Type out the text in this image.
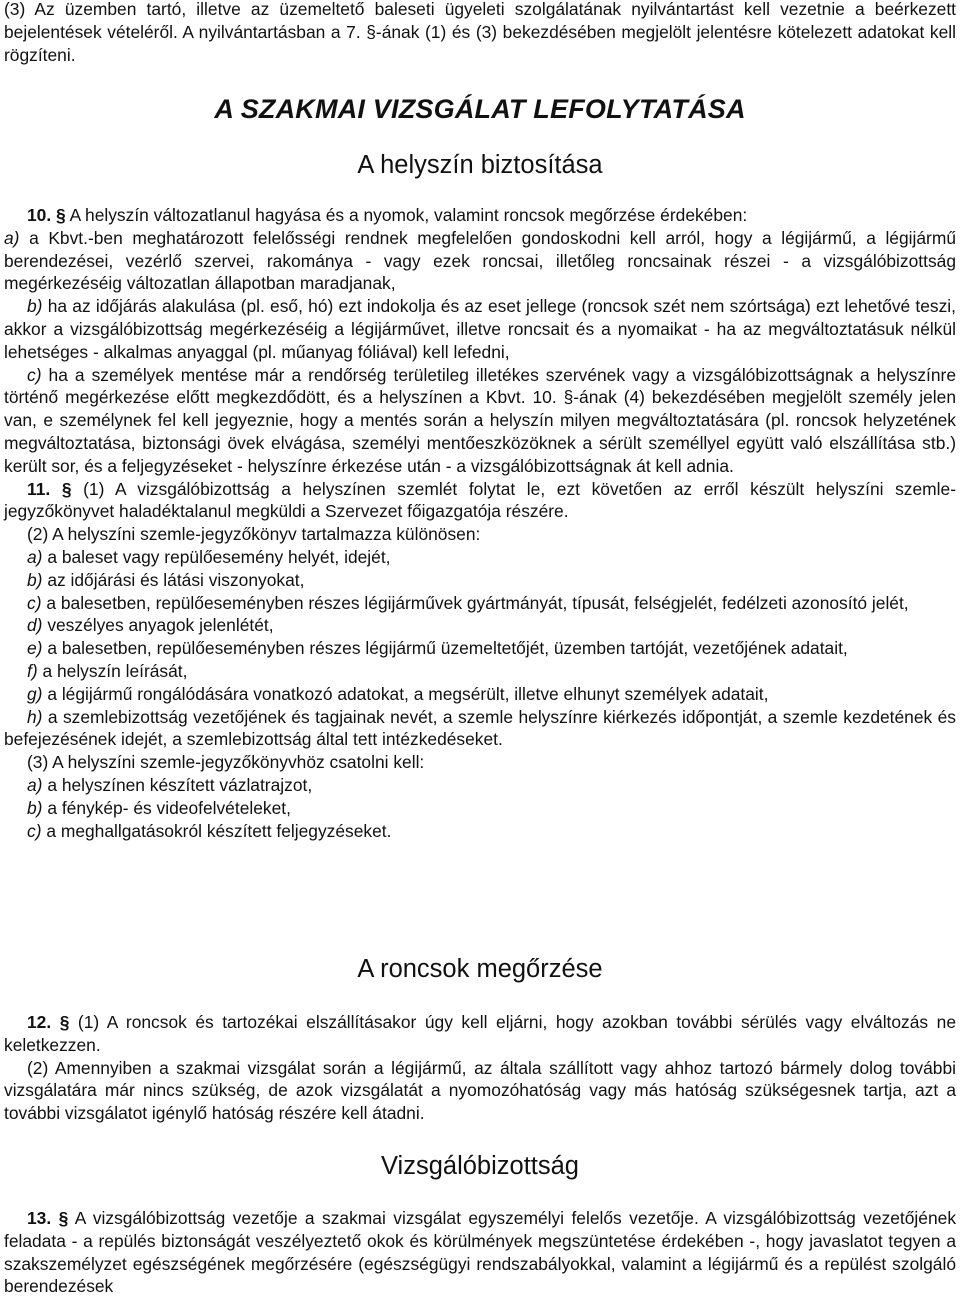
(3) Az üzemben tartó, illetve az üzemeltető baleseti ügyeleti szolgálatának nyilvántartást kell vezetnie a beérkezett bejelentések vételéről. A nyilvántartásban a 7. §-ának (1) és (3) bekezdésében megjelölt jelentésre kötelezett adatokat kell rögzíteni.

A SZAKMAI VIZSGÁLAT LEFOLYTATÁSA
A helyszín biztosítása

10. § A helyszín változatlanul hagyása és a nyomok, valamint roncsok megőrzése érdekében:

a) a Kbvt.-ben meghatározott felelősségi rendnek megfelelően gondoskodni kell arról, hogy a légijármű, a légijármű berendezései, vezérlő szervei, rakománya - vagy ezek roncsai, illetőleg roncsainak részei - a vizsgálóbizottság megérkezéséig változatlan állapotban maradjanak,

b) ha az időjárás alakulása (pl. eső, hó) ezt indokolja és az eset jellege (roncsok szét nem szórtsága) ezt lehetővé teszi, akkor a vizsgálóbizottság megérkezéséig a légijárművet, illetve roncsait és a nyomaikat - ha az megváltoztatásuk nélkül lehetséges - alkalmas anyaggal (pl. műanyag fóliával) kell lefedni,

c) ha a személyek mentése már a rendőrség területileg illetékes szervének vagy a vizsgálóbizottságnak a helyszínre történő megérkezése előtt megkezdődött, és a helyszínen a Kbvt. 10. §-ának (4) bekezdésében megjelölt személy jelen van, e személynek fel kell jegyeznie, hogy a mentés során a helyszín milyen megváltoztatására (pl. roncsok helyzetének megváltoztatása, biztonsági övek elvágása, személyi mentőeszközöknek a sérült személlyel együtt való elszállítása stb.) került sor, és a feljegyzéseket - helyszínre érkezése után - a vizsgálóbizottságnak át kell adnia.

11. § (1) A vizsgálóbizottság a helyszínen szemlét folytat le, ezt követően az erről készült helyszíni szemle-jegyzőkönyvet haladéktalanul megküldi a Szervezet főigazgatója részére.

(2) A helyszíni szemle-jegyzőkönyv tartalmazza különösen:

a) a baleset vagy repülőesemény helyét, idejét,

b) az időjárási és látási viszonyokat,

c) a balesetben, repülőeseményben részes légijárművek gyártmányát, típusát, felségjelét, fedélzeti azonosító jelét,

d) veszélyes anyagok jelenlétét,

e) a balesetben, repülőeseményben részes légijármű üzemeltetőjét, üzemben tartóját, vezetőjének adatait,

f) a helyszín leírását,

g) a légijármű rongálódására vonatkozó adatokat, a megsérült, illetve elhunyt személyek adatait,

h) a szemlebizottság vezetőjének és tagjainak nevét, a szemle helyszínre kiérkezés időpontját, a szemle kezdetének és befejezésének idejét, a szemlebizottság által tett intézkedéseket.

(3) A helyszíni szemle-jegyzőkönyvhöz csatolni kell:

a) a helyszínen készített vázlatrajzot,

b) a fénykép- és videofelvételeket,

c) a meghallgatásokról készített feljegyzéseket.

A roncsok megőrzése

12. § (1) A roncsok és tartozékai elszállításakor úgy kell eljárni, hogy azokban további sérülés vagy elváltozás ne keletkezzen.

(2) Amennyiben a szakmai vizsgálat során a légijármű, az általa szállított vagy ahhoz tartozó bármely dolog további vizsgálatára már nincs szükség, de azok vizsgálatát a nyomozóhatóság vagy más hatóság szükségesnek tartja, azt a további vizsgálatot igénylő hatóság részére kell átadni.

Vizsgálóbizottság

13. § A vizsgálóbizottság vezetője a szakmai vizsgálat egyszemélyi felelős vezetője. A vizsgálóbizottság vezetőjének feladata - a repülés biztonságát veszélyeztető okok és körülmények megszüntetése érdekében -, hogy javaslatot tegyen a szakszemélyzet egészségének megőrzésére (egészségügyi rendszabályokkal, valamint a légijármű és a repülést szolgáló berendezések
